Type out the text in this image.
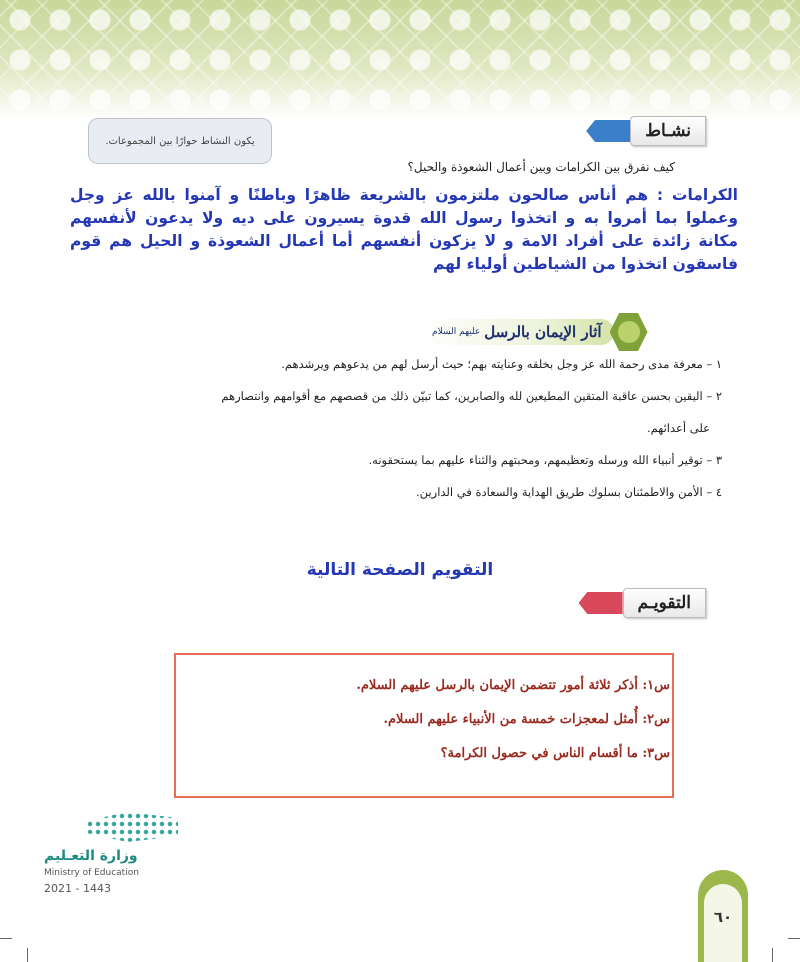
نشـاط
يكون النشاط حوارًا بين المجموعات.
كيف نفرق بين الكرامات وبين أعمال الشعوذة والحيل؟
الكرامات : هم أناس صالحون ملتزمون بالشريعة ظاهرًا وباطنًا و آمنوا بالله عز وجل وعملوا بما أمروا به و اتخذوا رسول الله قدوة يسيرون على ديه ولا يدعون لأنفسهم مكانة زائدة على أفراد الامة و لا يزكون أنفسهم أما أعمال الشعوذة و الحيل هم قوم فاسقون اتخذوا من الشياطين أولياء لهم
آثار الإيمان بالرسل
عليهم السلام
١ – معرفة مدى رحمة الله عز وجل بخلقه وعنايته بهم؛ حيث أرسل لهم من يدعوهم ويرشدهم.
٢ – اليقين بحسن عاقبة المتقين المطيعين لله والصابرين، كما تبيّن ذلك من قصصهم مع أقوامهم وانتصارهم
على أعدائهم.
٣ – توقير أنبياء الله ورسله وتعظيمهم، ومحبتهم والثناء عليهم بما يستحقونه.
٤ – الأمن والاطمئنان بسلوك طريق الهداية والسعادة في الدارين.
التقويم الصفحة التالية
التقويـم
س١: أذكر ثلاثة أمور تتضمن الإيمان بالرسل عليهم السلام.
س٢: أُمثل لمعجزات خمسة من الأنبياء عليهم السلام.
س٣: ما أقسام الناس في حصول الكرامة؟
وزارة التعـليم
Ministry of Education
2021 - 1443
٦٠
